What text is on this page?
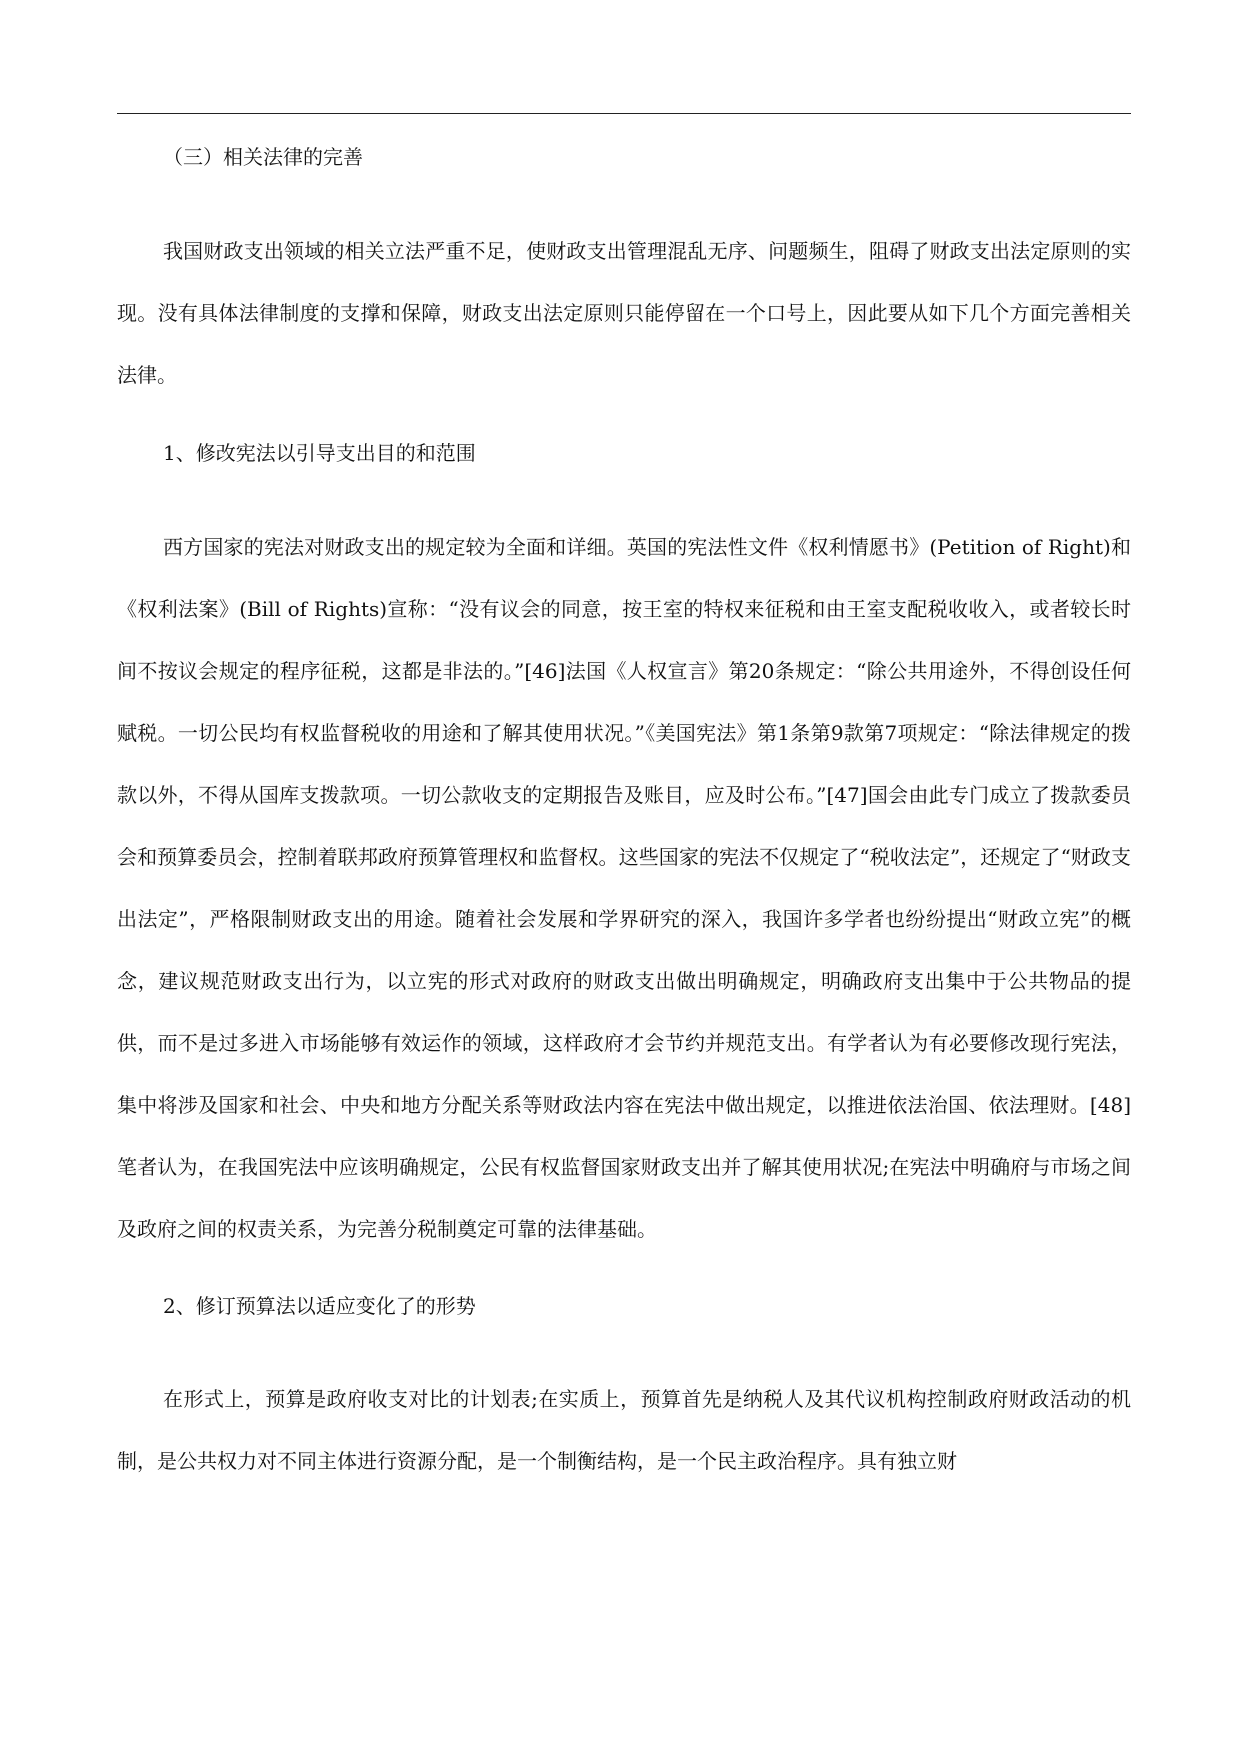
（三）相关法律的完善

我国财政支出领域的相关立法严重不足，使财政支出管理混乱无序、问题频生，阻碍了财政支出法定原则的实现。没有具体法律制度的支撑和保障，财政支出法定原则只能停留在一个口号上，因此要从如下几个方面完善相关法律。

1、修改宪法以引导支出目的和范围

西方国家的宪法对财政支出的规定较为全面和详细。英国的宪法性文件《权利情愿书》(Petition of Right)和《权利法案》(Bill of Rights)宣称：“没有议会的同意，按王室的特权来征税和由王室支配税收收入，或者较长时间不按议会规定的程序征税，这都是非法的。”[46]法国《人权宣言》第20条规定：“除公共用途外，不得创设任何赋税。一切公民均有权监督税收的用途和了解其使用状况。”《美国宪法》第1条第9款第7项规定：“除法律规定的拨款以外，不得从国库支拨款项。一切公款收支的定期报告及账目，应及时公布。”[47]国会由此专门成立了拨款委员会和预算委员会，控制着联邦政府预算管理权和监督权。这些国家的宪法不仅规定了“税收法定”，还规定了“财政支出法定”，严格限制财政支出的用途。随着社会发展和学界研究的深入，我国许多学者也纷纷提出“财政立宪”的概念，建议规范财政支出行为，以立宪的形式对政府的财政支出做出明确规定，明确政府支出集中于公共物品的提供，而不是过多进入市场能够有效运作的领域，这样政府才会节约并规范支出。有学者认为有必要修改现行宪法，集中将涉及国家和社会、中央和地方分配关系等财政法内容在宪法中做出规定，以推进依法治国、依法理财。[48]笔者认为，在我国宪法中应该明确规定，公民有权监督国家财政支出并了解其使用状况;在宪法中明确府与市场之间及政府之间的权责关系，为完善分税制奠定可靠的法律基础。

2、修订预算法以适应变化了的形势

在形式上，预算是政府收支对比的计划表;在实质上，预算首先是纳税人及其代议机构控制政府财政活动的机制，是公共权力对不同主体进行资源分配，是一个制衡结构，是一个民主政治程序。具有独立财
